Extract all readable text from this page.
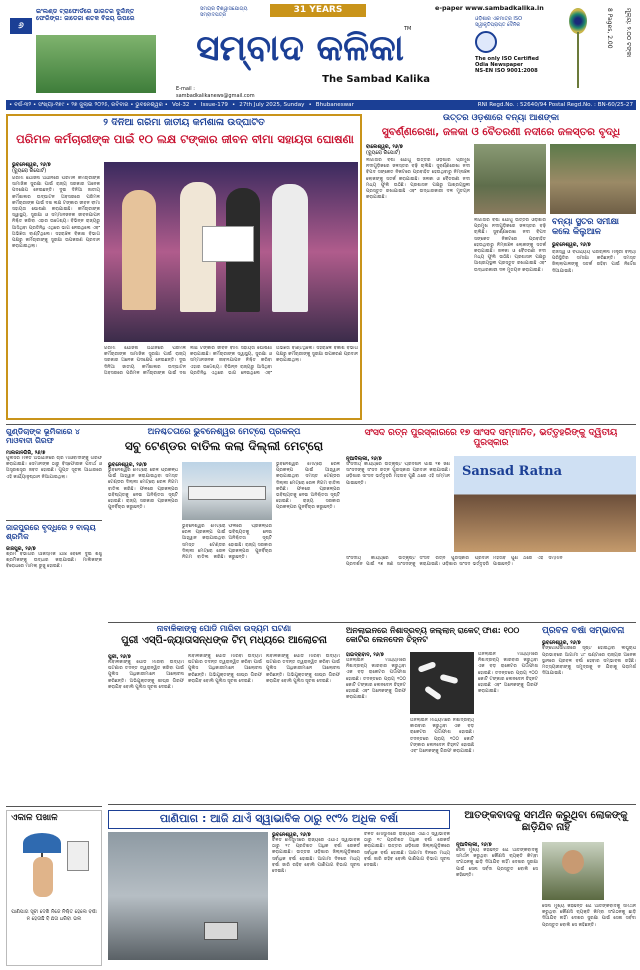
୬
ଇଂଲଣ୍ଡ ଟ୍ରାଫୋର୍ଡରେ ଭାରତର ଦୁର୍ଦ୍ଦାନ୍ତ ଫେରିଙ୍ଗ: ଜାଡେଜା ଶତକ ବିଜୟ ଉପରେ
ସମୟର ବିଶ୍ୱାସଯୋଗ୍ୟ ସମ୍ବାଦପତ୍ର	31 YEARS
ସମ୍ବାଦ କଳିକା
The Sambad Kalika
TM
E-mail :
sambadkalikanews@gmail.com
e-paper www.sambadkalika.in
ଓଡ଼ିଶାର ଏକମାତ୍ର ISO
ସ୍ୱୀକୃତିପ୍ରାପ୍ତ ଦୈନିକ
The only ISO Certified
Odia Newspaper
NS-EN ISO 9001:2008
ମୂଲ୍ୟ: ୨.୦୦ ଟଙ୍କା
8 Pages, 2.00
• ବର୍ଷ-୩୨ • ସଂଖ୍ୟା-୧୭୯ • ୨୭ ଜୁଲାଇ ୨୦୨୫, ରବିବାର • ଭୁବନେଶ୍ୱର • Vol-32 • Issue-179 • 27th July 2025, Sunday • Bhubaneswar	RNI Regd.No. : 52640/94 Postal Regd.No. : BN-60/25-27
୨ ଦିନିଆ ଗରିମା ଜାତୀୟ କର୍ମଶାଳା ଉଦ୍‌ଘାଟିତ
ପରିମଳ କର୍ମଚାରୀଙ୍କ ପାଇଁ ୧୦ ଲକ୍ଷ ଟଙ୍କାର ଜୀବନ ବୀମା ସହାୟତା ଘୋଷଣା
ଭୁବନେଶ୍ୱର, ୨୬/୭
(ବ୍ୟୁରୋ ରିପୋର୍ଟ)
ଗରିମା ଯୋଜନା ଅଧୀନରେ ପରିମଳ କର୍ମଚାରୀଙ୍କ ସାମାଜିକ ସୁରକ୍ଷା ପାଇଁ ରାଜ୍ୟ ସରକାର ଅନେକ ପଦକ୍ଷେପ ନେଇଛନ୍ତି। ଦୁଇ ଦିନିଆ ଜାତୀୟ କର୍ମଶାଳାର ଉଦ୍‌ଘାଟନ ଅବସରରେ ପରିମଳ କର୍ମଚାରୀଙ୍କ ପାଇଁ ଦଶ ଲକ୍ଷ ଟଙ୍କାର ଜୀବନ ବୀମା ସହାୟତା ଘୋଷଣା କରାଯାଇଛି। କର୍ମଚାରୀଙ୍କ ସ୍ୱାସ୍ଥ୍ୟ, ସୁରକ୍ଷା ଓ ସମ୍ମାନଜନକ ଜୀବନଯାପନ ନିଶ୍ଚିତ କରିବା ଏହାର ଉଦ୍ଦେଶ୍ୟ। ବିଭିନ୍ନ ରାଜ୍ୟରୁ ଆସିଥିବା ପ୍ରତିନିଧି ଏଥିରେ ଭାଗ ନେଇଥିଲେ ଏବଂ ଅଭିଜ୍ଞତା ବାଣ୍ଟିଥିଲେ। ସହରାଞ୍ଚଳ ବିକାଶ ବିଭାଗ ପକ୍ଷରୁ କର୍ମଚାରୀଙ୍କୁ ସୁରକ୍ଷା ଉପକରଣ ପ୍ରଦାନ କରାଯାଇଥିଲା।
ଗରିମା ଯୋଜନା ଅଧୀନରେ ପରିମଳ କର୍ମଚାରୀଙ୍କ ସାମାଜିକ ସୁରକ୍ଷା ପାଇଁ ରାଜ୍ୟ ସରକାର ଅନେକ ପଦକ୍ଷେପ ନେଇଛନ୍ତି। ଦୁଇ ଦିନିଆ ଜାତୀୟ କର୍ମଶାଳାର ଉଦ୍‌ଘାଟନ ଅବସରରେ ପରିମଳ କର୍ମଚାରୀଙ୍କ ପାଇଁ ଦଶ ଲକ୍ଷ ଟଙ୍କାର ଜୀବନ ବୀମା ସହାୟତା ଘୋଷଣା କରାଯାଇଛି। କର୍ମଚାରୀଙ୍କ ସ୍ୱାସ୍ଥ୍ୟ, ସୁରକ୍ଷା ଓ ସମ୍ମାନଜନକ ଜୀବନଯାପନ ନିଶ୍ଚିତ କରିବା ଏହାର ଉଦ୍ଦେଶ୍ୟ। ବିଭିନ୍ନ ରାଜ୍ୟରୁ ଆସିଥିବା ପ୍ରତିନିଧି ଏଥିରେ ଭାଗ ନେଇଥିଲେ ଏବଂ ଅଭିଜ୍ଞତା ବାଣ୍ଟିଥିଲେ। ସହରାଞ୍ଚଳ ବିକାଶ ବିଭାଗ ପକ୍ଷରୁ କର୍ମଚାରୀଙ୍କୁ ସୁରକ୍ଷା ଉପକରଣ ପ୍ରଦାନ କରାଯାଇଥିଲା।
ଉତ୍ତର ଓଡ଼ିଶାରେ ବନ୍ୟା ଆଶଙ୍କା
ସୁବର୍ଣ୍ଣରେଖା, ଜଳକା ଓ ବୈତରଣୀ ନଦୀରେ ଜଳସ୍ତର ବୃଦ୍ଧି
ବାଲେଶ୍ୱର, ୨୬/୭
(ବ୍ୟୁରୋ ରିପୋର୍ଟ)
ଲଗାତାର ବର୍ଷା ଯୋଗୁଁ ଉତ୍ତର ଓଡ଼ିଶାର ପ୍ରମୁଖ ନଦୀଗୁଡ଼ିକରେ ଜଳସ୍ତର ବଢ଼ି ଚାଲିଛି। ସୁବର୍ଣ୍ଣରେଖା ନଦୀ ବିପଦ ସଙ୍କେତ ନିକଟରେ ପ୍ରବାହିତ ହେଉଥିବାରୁ ନିମ୍ନାଞ୍ଚଳ ଲୋକଙ୍କୁ ସତର୍କ କରାଯାଇଛି। ଜଳକା ଓ ବୈତରଣୀ ନଦୀ ମଧ୍ୟ ଫୁଲି ଉଠିଛି। ପ୍ରଶାସନ ପକ୍ଷରୁ ଆଶ୍ରୟସ୍ଥଳୀ ପ୍ରସ୍ତୁତ ରଖାଯାଇଛି ଏବଂ ଉଦ୍ଧାରକାରୀ ଦଳ ମୁତୟନ କରାଯାଇଛି।
ଲଗାତାର ବର୍ଷା ଯୋଗୁଁ ଉତ୍ତର ଓଡ଼ିଶାର ପ୍ରମୁଖ ନଦୀଗୁଡ଼ିକରେ ଜଳସ୍ତର ବଢ଼ି ଚାଲିଛି। ସୁବର୍ଣ୍ଣରେଖା ନଦୀ ବିପଦ ସଙ୍କେତ ନିକଟରେ ପ୍ରବାହିତ ହେଉଥିବାରୁ ନିମ୍ନାଞ୍ଚଳ ଲୋକଙ୍କୁ ସତର୍କ କରାଯାଇଛି। ଜଳକା ଓ ବୈତରଣୀ ନଦୀ ମଧ୍ୟ ଫୁଲି ଉଠିଛି। ପ୍ରଶାସନ ପକ୍ଷରୁ ଆଶ୍ରୟସ୍ଥଳୀ ପ୍ରସ୍ତୁତ ରଖାଯାଇଛି ଏବଂ ଉଦ୍ଧାରକାରୀ ଦଳ ମୁତୟନ କରାଯାଇଛି।
ବନ୍ୟା ସ୍ଥିତିର ସମୀକ୍ଷା କଲେ କିଲୁଆଳ
ଭୁବନେଶ୍ୱର, ୨୬/୭
ରାଜସ୍ୱ ଓ ବିପର୍ଯ୍ୟୟ ପରିଚାଳନା ମନ୍ତ୍ରୀ ବନ୍ୟା ପରିସ୍ଥିତିର ସମୀକ୍ଷା କରିଛନ୍ତି। ସମସ୍ତ ଜିଲ୍ଲାପାଳଙ୍କୁ ସତର୍କ ରହିବା ପାଇଁ ନିର୍ଦ୍ଦେଶ ଦିଆଯାଇଛି।
ଗୁଣ୍ଡିଚାଙ୍କ ଭୂମିକାରେ ୪ ମାଓବାଦୀ ଗିରଫ
ମାଲକାନଗିରି, ୨୬/୭
ପୁଲିସର ମିଳିତ ଅଭିଯାନରେ ଚାରି ମାଓବାଦୀଙ୍କୁ ଗିରଫ କରାଯାଇଛି। ସେମାନଙ୍କ ଠାରୁ ବିସ୍ଫୋରକ ପଦାର୍ଥ ଓ ଅସ୍ତ୍ରଶସ୍ତ୍ର ଜବତ ହୋଇଛି। ଗୁପ୍ତ ସୂଚନା ଆଧାରରେ ଏହି କାର୍ଯ୍ୟାନୁଷ୍ଠାନ ନିଆଯାଇଥିଲା।
ଜାଜପୁରରେ ବୃଦ୍ଧିରେ ୨ ବାଲ୍ୟ ଶ୍ରମିକ
ଜାଜପୁର, ୨୬/୭
ଶ୍ରମ ବିଭାଗର ଆକସ୍ମିକ ଯାଞ୍ଚ ବେଳେ ଦୁଇ ଶିଶୁ ଶ୍ରମିକଙ୍କୁ ଉଦ୍ଧାର କରାଯାଇଛି। ମାଲିକଙ୍କ ବିରୋଧରେ ମାମଲା ରୁଜୁ ହୋଇଛି।
ଏକାଳ ପଖାଳ
ପାଣିପାଗ ସୂଚୀ ଦେଖି ନିଜେ ନିଶ୍ଚିତ ହେଲେ ବର୍ଷା ନ ହେଉଛି ବି ଛତା ଧରିବା ଭଲ
ଅନିଶ୍ଚିତତାରେ ଭୁବନେଶ୍ୱର ମେଟ୍ରୋ ପ୍ରକଳ୍ପ
ସବୁ ଟେଣ୍ଡର ବାତିଲ କଲା ଦିଲ୍ଲୀ ମେଟ୍ରୋ
ଭୁବନେଶ୍ୱର, ୨୬/୭
ଭୁବନେଶ୍ୱର ମେଟ୍ରୋ ରେଳ ପ୍ରକଳ୍ପ ପାଇଁ ଆହ୍ୱାନ କରାଯାଇଥିବା ସମସ୍ତ ଟେଣ୍ଡର ଦିଲ୍ଲୀ ମେଟ୍ରୋ ରେଳ ନିଗମ ବାତିଲ କରିଛି। ଫଳରେ ପ୍ରକଳ୍ପର ଭବିଷ୍ୟତକୁ ନେଇ ଅନିଶ୍ଚିତତା ସୃଷ୍ଟି ହୋଇଛି। ରାଜ୍ୟ ସରକାର ପ୍ରକଳ୍ପର ପୁନର୍ବିଚାର କରୁଛନ୍ତି।
ଭୁବନେଶ୍ୱର ମେଟ୍ରୋ ରେଳ ପ୍ରକଳ୍ପ ପାଇଁ ଆହ୍ୱାନ କରାଯାଇଥିବା ସମସ୍ତ ଟେଣ୍ଡର ଦିଲ୍ଲୀ ମେଟ୍ରୋ ରେଳ ନିଗମ ବାତିଲ କରିଛି। ଫଳରେ ପ୍ରକଳ୍ପର ଭବିଷ୍ୟତକୁ ନେଇ ଅନିଶ୍ଚିତତା ସୃଷ୍ଟି ହୋଇଛି। ରାଜ୍ୟ ସରକାର ପ୍ରକଳ୍ପର ପୁନର୍ବିଚାର କରୁଛନ୍ତି।
ଭୁବନେଶ୍ୱର ମେଟ୍ରୋ ରେଳ ପ୍ରକଳ୍ପ ପାଇଁ ଆହ୍ୱାନ କରାଯାଇଥିବା ସମସ୍ତ ଟେଣ୍ଡର ଦିଲ୍ଲୀ ମେଟ୍ରୋ ରେଳ ନିଗମ ବାତିଲ କରିଛି। ଫଳରେ ପ୍ରକଳ୍ପର ଭବିଷ୍ୟତକୁ ନେଇ ଅନିଶ୍ଚିତତା ସୃଷ୍ଟି ହୋଇଛି। ରାଜ୍ୟ ସରକାର ପ୍ରକଳ୍ପର ପୁନର୍ବିଚାର କରୁଛନ୍ତି।
ନାବାଳିକାଙ୍କୁ ପୋଡି ମାରିବା ଉଦ୍ୟମ ଘଟଣା
ପୁରୀ ଏସ୍‌ପି-ଜ୍ୟାତାସନ୍ଧଙ୍କ ଟିମ୍ ମଧ୍ୟରେ ଆଲୋଚନା
ପୁରୀ, ୨୬/୭
ନାବାଳିକାଙ୍କୁ ପୋଡି ମାରିବା ଉଦ୍ୟମ ଘଟଣାର ତଦନ୍ତ ତ୍ୱରାନ୍ୱିତ କରିବା ପାଇଁ ପୁଲିସ ଅଧିକାରୀମାନେ ଆଲୋଚନା କରିଛନ୍ତି। ଅଭିଯୁକ୍ତଙ୍କୁ ଶୀଘ୍ର ଗିରଫ କରାଯିବ ବୋଲି ପୁଲିସ ସୂଚନା ଦେଇଛି।
ନାବାଳିକାଙ୍କୁ ପୋଡି ମାରିବା ଉଦ୍ୟମ ଘଟଣାର ତଦନ୍ତ ତ୍ୱରାନ୍ୱିତ କରିବା ପାଇଁ ପୁଲିସ ଅଧିକାରୀମାନେ ଆଲୋଚନା କରିଛନ୍ତି। ଅଭିଯୁକ୍ତଙ୍କୁ ଶୀଘ୍ର ଗିରଫ କରାଯିବ ବୋଲି ପୁଲିସ ସୂଚନା ଦେଇଛି।
ନାବାଳିକାଙ୍କୁ ପୋଡି ମାରିବା ଉଦ୍ୟମ ଘଟଣାର ତଦନ୍ତ ତ୍ୱରାନ୍ୱିତ କରିବା ପାଇଁ ପୁଲିସ ଅଧିକାରୀମାନେ ଆଲୋଚନା କରିଛନ୍ତି। ଅଭିଯୁକ୍ତଙ୍କୁ ଶୀଘ୍ର ଗିରଫ କରାଯିବ ବୋଲି ପୁଲିସ ସୂଚନା ଦେଇଛି।
ସଂସଦ ରତ୍ନ ପୁରସ୍କାରରେ ୧୭ ସାଂସଦ ସମ୍ମାନିତ, ଭର୍ତ୍ତୃହରିଙ୍କୁ ଦ୍ୱିତୀୟ ପୁରସ୍କାର
ନୂଆଦିଲ୍ଲୀ, ୨୬/୭
ସଂସଦୀୟ କାର୍ଯ୍ୟରେ ଉତ୍କୃଷ୍ଟ ପ୍ରଦର୍ଶନ ପାଇଁ ୧୭ ଜଣ ସାଂସଦଙ୍କୁ ସଂସଦ ରତ୍ନ ପୁରସ୍କାର ପ୍ରଦାନ କରାଯାଇଛି। ଓଡ଼ିଶାର ସାଂସଦ ଭର୍ତ୍ତୃହରି ମହତାବ ପୁଣି ଥରେ ଏହି ସମ୍ମାନ ପାଇଛନ୍ତି।
Sansad Ratna
ସଂସଦୀୟ କାର୍ଯ୍ୟରେ ଉତ୍କୃଷ୍ଟ ପ୍ରଦର୍ଶନ ପାଇଁ ୧୭ ଜଣ ସାଂସଦଙ୍କୁ ସଂସଦ ରତ୍ନ ପୁରସ୍କାର ପ୍ରଦାନ କରାଯାଇଛି। ଓଡ଼ିଶାର ସାଂସଦ ଭର୍ତ୍ତୃହରି ମହତାବ ପୁଣି ଥରେ ଏହି ସମ୍ମାନ ପାଇଛନ୍ତି।
ଅନଲାଇନରେ ନିଶାଦ୍ରବ୍ୟ ଜଲ୍‌ଲାନ୍ ରାକେଟ୍ ଫାଶ: ୧୦୦ କୋଟିର ଲେନଦେନ ଚିହ୍ନଟ
ହାଇଦ୍ରାବାଦ, ୨୬/୭
ଅନଲାଇନ ମାଧ୍ୟମରେ ନିଶାଦ୍ରବ୍ୟ କାରବାର କରୁଥିବା ଏକ ବଡ଼ ରାକେଟର ପର୍ଦ୍ଦାଫାଶ ହୋଇଛି। ତଦନ୍ତରେ ପ୍ରାୟ ୧୦୦ କୋଟି ଟଙ୍କାର ଲେନଦେନ ଚିହ୍ନଟ ହୋଇଛି ଏବଂ ଅନେକଙ୍କୁ ଗିରଫ କରାଯାଇଛି।
ଅନଲାଇନ ମାଧ୍ୟମରେ ନିଶାଦ୍ରବ୍ୟ କାରବାର କରୁଥିବା ଏକ ବଡ଼ ରାକେଟର ପର୍ଦ୍ଦାଫାଶ ହୋଇଛି। ତଦନ୍ତରେ ପ୍ରାୟ ୧୦୦ କୋଟି ଟଙ୍କାର ଲେନଦେନ ଚିହ୍ନଟ ହୋଇଛି ଏବଂ ଅନେକଙ୍କୁ ଗିରଫ କରାଯାଇଛି।
ଅନଲାଇନ ମାଧ୍ୟମରେ ନିଶାଦ୍ରବ୍ୟ କାରବାର କରୁଥିବା ଏକ ବଡ଼ ରାକେଟର ପର୍ଦ୍ଦାଫାଶ ହୋଇଛି। ତଦନ୍ତରେ ପ୍ରାୟ ୧୦୦ କୋଟି ଟଙ୍କାର ଲେନଦେନ ଚିହ୍ନଟ ହୋଇଛି ଏବଂ ଅନେକଙ୍କୁ ଗିରଫ କରାଯାଇଛି।
ପ୍ରବଳ ବର୍ଷା ସମ୍ଭାବନା
ଭୁବନେଶ୍ୱର, ୨୬/୭
ବଙ୍ଗୋପସାଗରରେ ସୃଷ୍ଟି ହୋଇଥିବା ଲଘୁଚାପ ପ୍ରଭାବରେ ଆଗାମୀ ୪୮ ଘଣ୍ଟାରେ ରାଜ୍ୟର ଅନେକ ସ୍ଥାନରେ ପ୍ରବଳ ବର୍ଷା ହେବାର ସମ୍ଭାବନା ରହିଛି। ମତ୍ସ୍ୟଜୀବୀଙ୍କୁ ସମୁଦ୍ରକୁ ନ ଯିବାକୁ ପରାମର୍ଶ ଦିଆଯାଇଛି।
ପାଣିପାଗ : ଆଜି ଯାଏଁ ସ୍ୱାଭାବିକ ଠାରୁ ୧୯% ଅଧିକ ବର୍ଷା
ଭୁବନେଶ୍ୱର, ୨୬/୭
ଚଳିତ ମୌସୁମୀରେ ରାଜ୍ୟରେ ଏଯାଏଁ ସ୍ୱାଭାବିକ ଠାରୁ ୧୯ ପ୍ରତିଶତ ଅଧିକ ବର୍ଷା ରେକର୍ଡ କରାଯାଇଛି। ଉତ୍ତର ଓଡ଼ିଶାର ଜିଲ୍ଲାଗୁଡ଼ିକରେ ସର୍ବାଧିକ ବର୍ଷା ହୋଇଛି। ଆଗାମୀ ଦିନରେ ମଧ୍ୟ ବର୍ଷା ଜାରି ରହିବ ବୋଲି ପାଣିପାଗ ବିଭାଗ ସୂଚନା ଦେଇଛି।
ଚଳିତ ମୌସୁମୀରେ ରାଜ୍ୟରେ ଏଯାଏଁ ସ୍ୱାଭାବିକ ଠାରୁ ୧୯ ପ୍ରତିଶତ ଅଧିକ ବର୍ଷା ରେକର୍ଡ କରାଯାଇଛି। ଉତ୍ତର ଓଡ଼ିଶାର ଜିଲ୍ଲାଗୁଡ଼ିକରେ ସର୍ବାଧିକ ବର୍ଷା ହୋଇଛି। ଆଗାମୀ ଦିନରେ ମଧ୍ୟ ବର୍ଷା ଜାରି ରହିବ ବୋଲି ପାଣିପାଗ ବିଭାଗ ସୂଚନା ଦେଇଛି।
ଆତଙ୍କବାଦକୁ ସମର୍ଥନ କରୁଥିବା ଲୋକଙ୍କୁ ଛାଡ଼ିଯିବ ନାହିଁ
ନୂଆଦିଲ୍ଲୀ, ୨୬/୭
ସେନା ମୁଖ୍ୟ କହିଛନ୍ତି ଯେ ଆତଙ୍କବାଦକୁ ସମର୍ଥନ କରୁଥିବା କୌଣସି ବ୍ୟକ୍ତି କିମ୍ବା ସଂଗଠନକୁ ଛାଡ଼ି ଦିଆଯିବ ନାହିଁ। ଦେଶର ସୁରକ୍ଷା ପାଇଁ ସେନା ସର୍ବଦା ପ୍ରସ୍ତୁତ ବୋଲି ସେ କହିଛନ୍ତି।
ସେନା ମୁଖ୍ୟ କହିଛନ୍ତି ଯେ ଆତଙ୍କବାଦକୁ ସମର୍ଥନ କରୁଥିବା କୌଣସି ବ୍ୟକ୍ତି କିମ୍ବା ସଂଗଠନକୁ ଛାଡ଼ି ଦିଆଯିବ ନାହିଁ। ଦେଶର ସୁରକ୍ଷା ପାଇଁ ସେନା ସର୍ବଦା ପ୍ରସ୍ତୁତ ବୋଲି ସେ କହିଛନ୍ତି।
